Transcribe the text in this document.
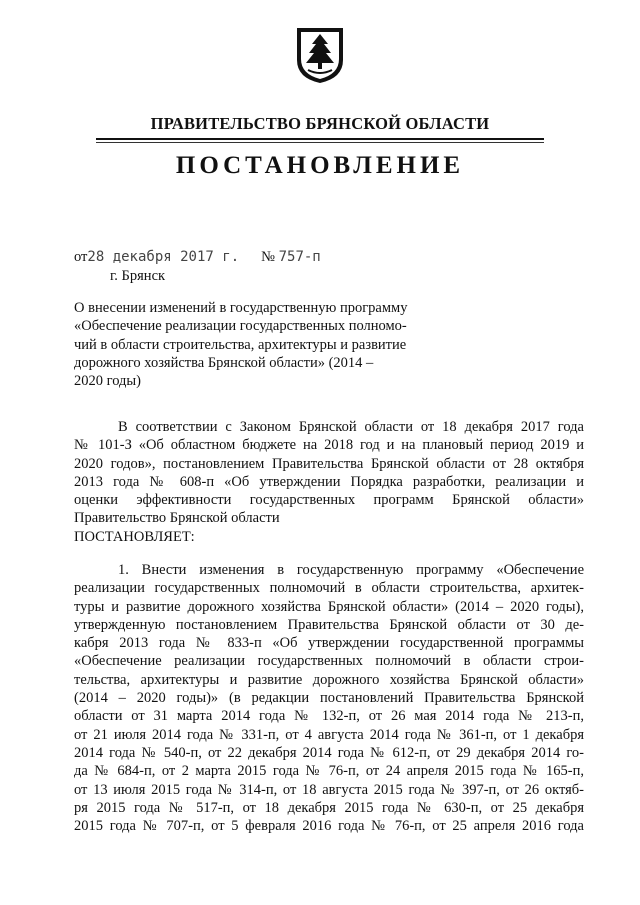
ПРАВИТЕЛЬСТВО БРЯНСКОЙ ОБЛАСТИ
ПОСТАНОВЛЕНИЕ
от28 декабря 2017 г. № 757-п
г. Брянск
О внесении изменений в государственную программу
«Обеспечение реализации государственных полномо-
чий в области строительства, архитектуры и развитие
дорожного хозяйства Брянской области» (2014 –
2020 годы)
В соответствии с Законом Брянской области от 18 декабря 2017 года
№ 101-З «Об областном бюджете на 2018 год и на плановый период 2019 и
2020 годов», постановлением Правительства Брянской области от 28 октября
2013 года № 608-п «Об утверждении Порядка разработки, реализации и
оценки эффективности государственных программ Брянской области»
Правительство Брянской области
ПОСТАНОВЛЯЕТ:
1. Внести изменения в государственную программу «Обеспечение
реализации государственных полномочий в области строительства, архитек-
туры и развитие дорожного хозяйства Брянской области» (2014 – 2020 годы),
утвержденную постановлением Правительства Брянской области от 30 де-
кабря 2013 года № 833-п «Об утверждении государственной программы
«Обеспечение реализации государственных полномочий в области строи-
тельства, архитектуры и развитие дорожного хозяйства Брянской области»
(2014 – 2020 годы)» (в редакции постановлений Правительства Брянской
области от 31 марта 2014 года № 132-п, от 26 мая 2014 года № 213-п,
от 21 июля 2014 года № 331-п, от 4 августа 2014 года № 361-п, от 1 декабря
2014 года № 540-п, от 22 декабря 2014 года № 612-п, от 29 декабря 2014 го-
да № 684-п, от 2 марта 2015 года № 76-п, от 24 апреля 2015 года № 165-п,
от 13 июля 2015 года № 314-п, от 18 августа 2015 года № 397-п, от 26 октяб-
ря 2015 года № 517-п, от 18 декабря 2015 года № 630-п, от 25 декабря
2015 года № 707-п, от 5 февраля 2016 года № 76-п, от 25 апреля 2016 года
